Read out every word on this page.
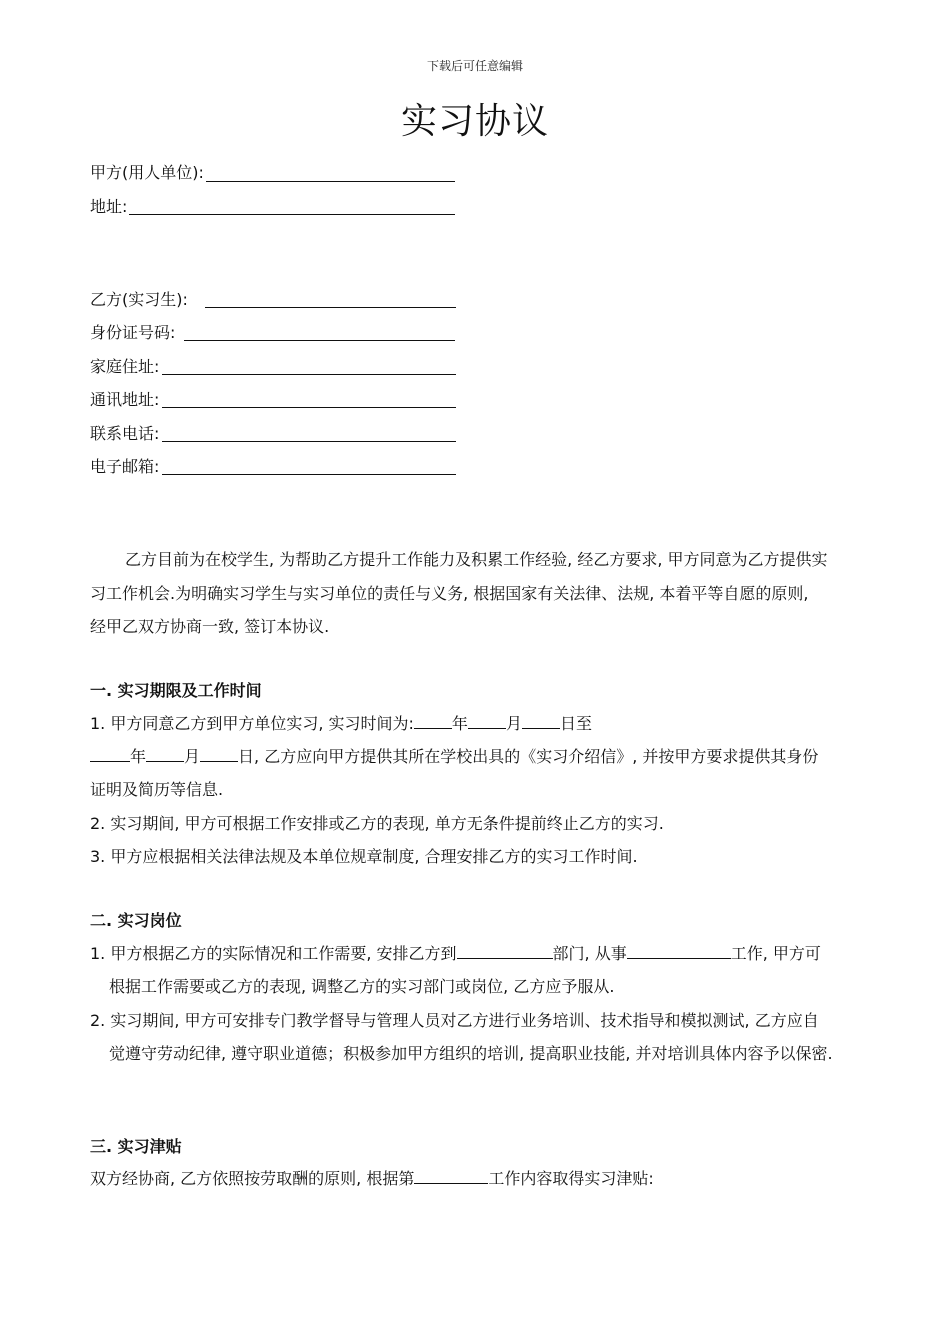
下载后可任意编辑
实习协议
甲方(用人单位):
地址:
乙方(实习生):
身份证号码:
家庭住址:
通讯地址:
联系电话:
电子邮箱:
乙方目前为在校学生, 为帮助乙方提升工作能力及积累工作经验, 经乙方要求, 甲方同意为乙方提供实
习工作机会.为明确实习学生与实习单位的责任与义务, 根据国家有关法律、法规, 本着平等自愿的原则,
经甲乙双方协商一致, 签订本协议.
一. 实习期限及工作时间
1. 甲方同意乙方到甲方单位实习, 实习时间为: 年 月 日至
年 月 日, 乙方应向甲方提供其所在学校出具的《实习介绍信》, 并按甲方要求提供其身份
证明及简历等信息.
2. 实习期间, 甲方可根据工作安排或乙方的表现, 单方无条件提前终止乙方的实习.
3. 甲方应根据相关法律法规及本单位规章制度, 合理安排乙方的实习工作时间.
二. 实习岗位
1. 甲方根据乙方的实际情况和工作需要, 安排乙方到	部门, 从事	工作, 甲方可
根据工作需要或乙方的表现, 调整乙方的实习部门或岗位, 乙方应予服从.
2. 实习期间, 甲方可安排专门教学督导与管理人员对乙方进行业务培训、技术指导和模拟测试, 乙方应自
觉遵守劳动纪律, 遵守职业道德；积极参加甲方组织的培训, 提高职业技能, 并对培训具体内容予以保密.
三. 实习津贴
双方经协商, 乙方依照按劳取酬的原则, 根据第	工作内容取得实习津贴:
